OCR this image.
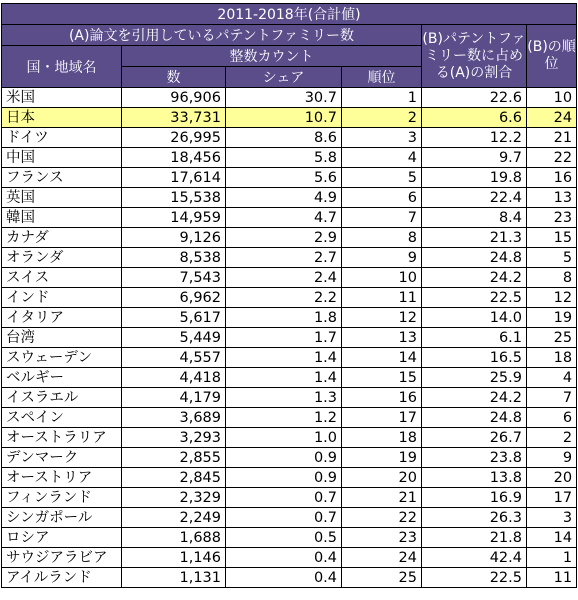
2011-2018年(合計値)					
(A)論文を引用しているパテントファミリー数				(B)パテントファミリー数に占める(A)の割合	(B)の順位
国・地域名	整数カウント				
	数	シェア	順位		
米国	96,906	30.7	1	22.6	10
日本	33,731	10.7	2	6.6	24
ドイツ	26,995	8.6	3	12.2	21
中国	18,456	5.8	4	9.7	22
フランス	17,614	5.6	5	19.8	16
英国	15,538	4.9	6	22.4	13
韓国	14,959	4.7	7	8.4	23
カナダ	9,126	2.9	8	21.3	15
オランダ	8,538	2.7	9	24.8	5
スイス	7,543	2.4	10	24.2	8
インド	6,962	2.2	11	22.5	12
イタリア	5,617	1.8	12	14.0	19
台湾	5,449	1.7	13	6.1	25
スウェーデン	4,557	1.4	14	16.5	18
ベルギー	4,418	1.4	15	25.9	4
イスラエル	4,179	1.3	16	24.2	7
スペイン	3,689	1.2	17	24.8	6
オーストラリア	3,293	1.0	18	26.7	2
デンマーク	2,855	0.9	19	23.8	9
オーストリア	2,845	0.9	20	13.8	20
フィンランド	2,329	0.7	21	16.9	17
シンガポール	2,249	0.7	22	26.3	3
ロシア	1,688	0.5	23	21.8	14
サウジアラビア	1,146	0.4	24	42.4	1
アイルランド	1,131	0.4	25	22.5	11
